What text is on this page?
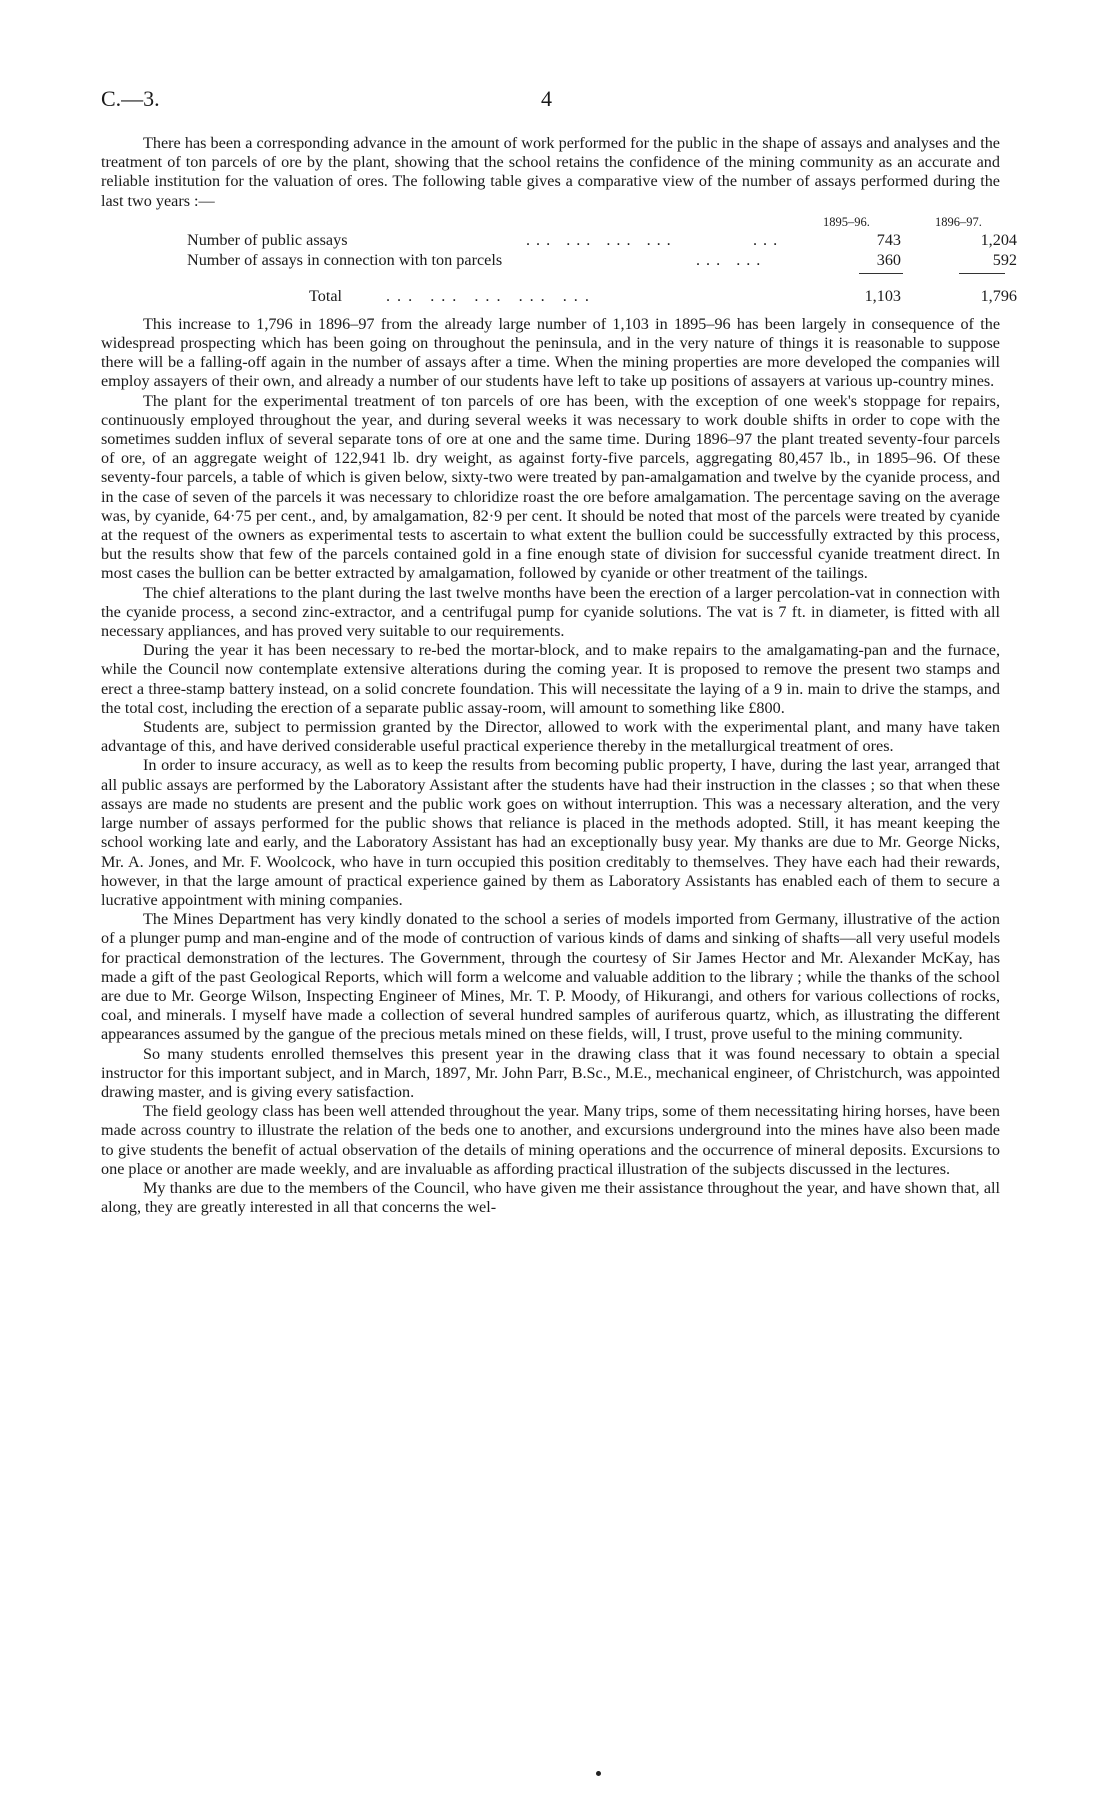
C.—3.	4

There has been a corresponding advance in the amount of work performed for the public in the shape of assays and analyses and the treatment of ton parcels of ore by the plant, showing that the school retains the confidence of the mining community as an accurate and reliable institution for the valuation of ores. The following table gives a comparative view of the number of assays performed during the last two years :—

1895–96.	1896–97.
Number of public assays	... ... ... ...	...	743	1,204
Number of assays in connection with ton parcels	... ...	360	592
Total	... ... ... ... ...	1,103	1,796

This increase to 1,796 in 1896–97 from the already large number of 1,103 in 1895–96 has been largely in consequence of the widespread prospecting which has been going on throughout the peninsula, and in the very nature of things it is reasonable to suppose there will be a falling-off again in the number of assays after a time. When the mining properties are more developed the companies will employ assayers of their own, and already a number of our students have left to take up positions of assayers at various up-country mines.

The plant for the experimental treatment of ton parcels of ore has been, with the exception of one week's stoppage for repairs, continuously employed throughout the year, and during several weeks it was necessary to work double shifts in order to cope with the sometimes sudden influx of several separate tons of ore at one and the same time. During 1896–97 the plant treated seventy-four parcels of ore, of an aggregate weight of 122,941 lb. dry weight, as against forty-five parcels, aggregating 80,457 lb., in 1895–96. Of these seventy-four parcels, a table of which is given below, sixty-two were treated by pan-amalgamation and twelve by the cyanide process, and in the case of seven of the parcels it was necessary to chloridize roast the ore before amalgamation. The percentage saving on the average was, by cyanide, 64·75 per cent., and, by amalgamation, 82·9 per cent. It should be noted that most of the parcels were treated by cyanide at the request of the owners as experimental tests to ascertain to what extent the bullion could be successfully extracted by this process, but the results show that few of the parcels contained gold in a fine enough state of division for successful cyanide treatment direct. In most cases the bullion can be better extracted by amalgamation, followed by cyanide or other treatment of the tailings.

The chief alterations to the plant during the last twelve months have been the erection of a larger percolation-vat in connection with the cyanide process, a second zinc-extractor, and a centrifugal pump for cyanide solutions. The vat is 7 ft. in diameter, is fitted with all necessary appliances, and has proved very suitable to our requirements.

During the year it has been necessary to re-bed the mortar-block, and to make repairs to the amalgamating-pan and the furnace, while the Council now contemplate extensive alterations during the coming year. It is proposed to remove the present two stamps and erect a three-stamp battery instead, on a solid concrete foundation. This will necessitate the laying of a 9 in. main to drive the stamps, and the total cost, including the erection of a separate public assay-room, will amount to something like £800.

Students are, subject to permission granted by the Director, allowed to work with the experimental plant, and many have taken advantage of this, and have derived considerable useful practical experience thereby in the metallurgical treatment of ores.

In order to insure accuracy, as well as to keep the results from becoming public property, I have, during the last year, arranged that all public assays are performed by the Laboratory Assistant after the students have had their instruction in the classes ; so that when these assays are made no students are present and the public work goes on without interruption. This was a necessary alteration, and the very large number of assays performed for the public shows that reliance is placed in the methods adopted. Still, it has meant keeping the school working late and early, and the Laboratory Assistant has had an exceptionally busy year. My thanks are due to Mr. George Nicks, Mr. A. Jones, and Mr. F. Woolcock, who have in turn occupied this position creditably to themselves. They have each had their rewards, however, in that the large amount of practical experience gained by them as Laboratory Assistants has enabled each of them to secure a lucrative appointment with mining companies.

The Mines Department has very kindly donated to the school a series of models imported from Germany, illustrative of the action of a plunger pump and man-engine and of the mode of contruction of various kinds of dams and sinking of shafts—all very useful models for practical demonstration of the lectures. The Government, through the courtesy of Sir James Hector and Mr. Alexander McKay, has made a gift of the past Geological Reports, which will form a welcome and valuable addition to the library ; while the thanks of the school are due to Mr. George Wilson, Inspecting Engineer of Mines, Mr. T. P. Moody, of Hikurangi, and others for various collections of rocks, coal, and minerals. I myself have made a collection of several hundred samples of auriferous quartz, which, as illustrating the different appearances assumed by the gangue of the precious metals mined on these fields, will, I trust, prove useful to the mining community.

So many students enrolled themselves this present year in the drawing class that it was found necessary to obtain a special instructor for this important subject, and in March, 1897, Mr. John Parr, B.Sc., M.E., mechanical engineer, of Christchurch, was appointed drawing master, and is giving every satisfaction.

The field geology class has been well attended throughout the year. Many trips, some of them necessitating hiring horses, have been made across country to illustrate the relation of the beds one to another, and excursions underground into the mines have also been made to give students the benefit of actual observation of the details of mining operations and the occurrence of mineral deposits. Excursions to one place or another are made weekly, and are invaluable as affording practical illustration of the subjects discussed in the lectures.

My thanks are due to the members of the Council, who have given me their assistance throughout the year, and have shown that, all along, they are greatly interested in all that concerns the wel-
